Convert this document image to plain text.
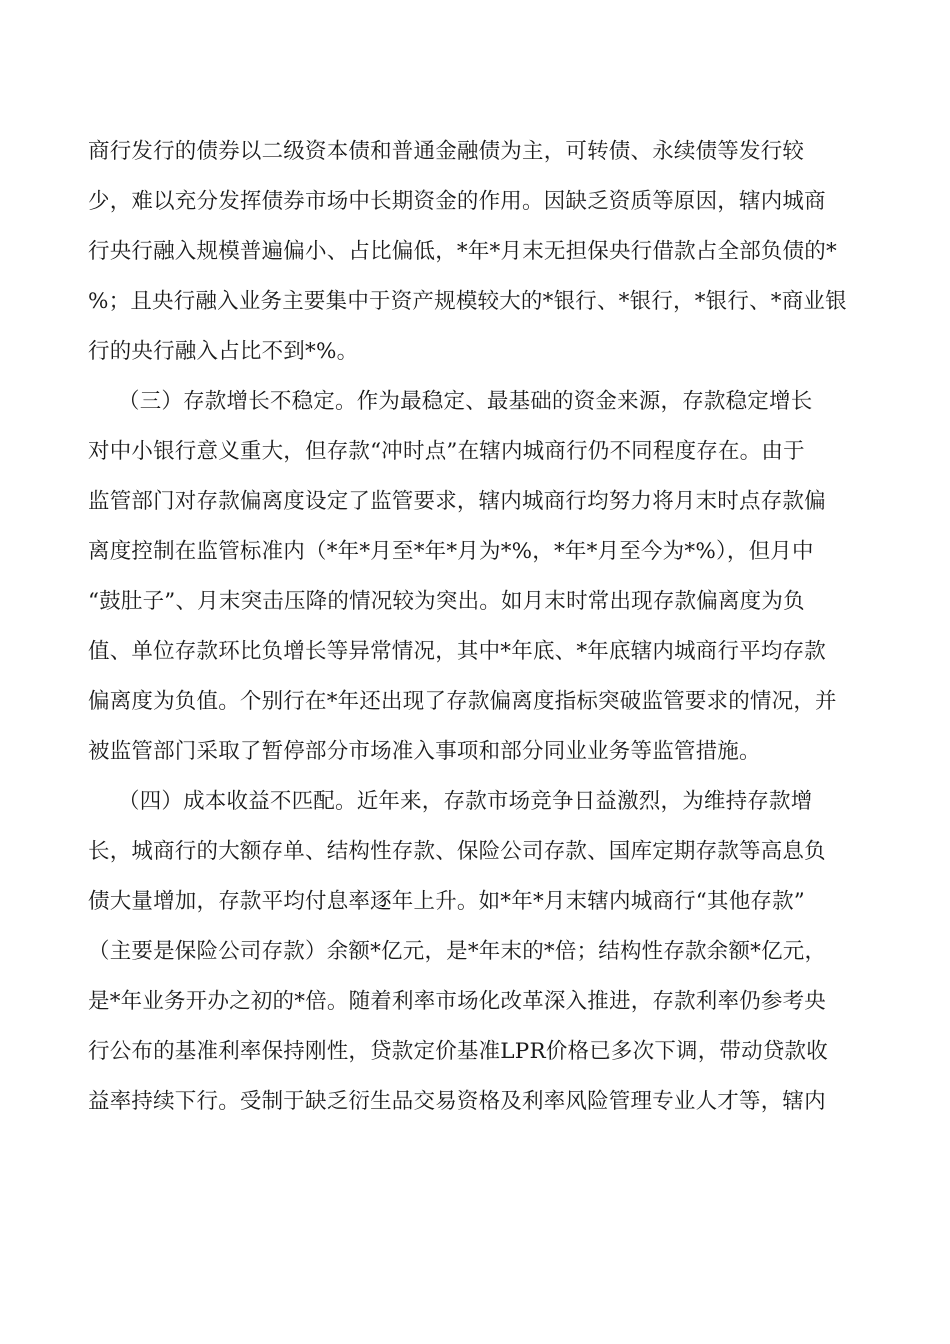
商行发行的债券以二级资本债和普通金融债为主，可转债、永续债等发行较
少，难以充分发挥债券市场中长期资金的作用。因缺乏资质等原因，辖内城商
行央行融入规模普遍偏小、占比偏低，*年*月末无担保央行借款占全部负债的*
%；且央行融入业务主要集中于资产规模较大的*银行、*银行，*银行、*商业银
行的央行融入占比不到*%。
（三）存款增长不稳定。作为最稳定、最基础的资金来源，存款稳定增长
对中小银行意义重大，但存款“冲时点”在辖内城商行仍不同程度存在。由于
监管部门对存款偏离度设定了监管要求，辖内城商行均努力将月末时点存款偏
离度控制在监管标准内（*年*月至*年*月为*%，*年*月至今为*%），但月中
“鼓肚子”、月末突击压降的情况较为突出。如月末时常出现存款偏离度为负
值、单位存款环比负增长等异常情况，其中*年底、*年底辖内城商行平均存款
偏离度为负值。个别行在*年还出现了存款偏离度指标突破监管要求的情况，并
被监管部门采取了暂停部分市场准入事项和部分同业业务等监管措施。
（四）成本收益不匹配。近年来，存款市场竞争日益激烈，为维持存款增
长，城商行的大额存单、结构性存款、保险公司存款、国库定期存款等高息负
债大量增加，存款平均付息率逐年上升。如*年*月末辖内城商行“其他存款”
（主要是保险公司存款）余额*亿元，是*年末的*倍；结构性存款余额*亿元，
是*年业务开办之初的*倍。随着利率市场化改革深入推进，存款利率仍参考央
行公布的基准利率保持刚性，贷款定价基准LPR价格已多次下调，带动贷款收
益率持续下行。受制于缺乏衍生品交易资格及利率风险管理专业人才等，辖内
